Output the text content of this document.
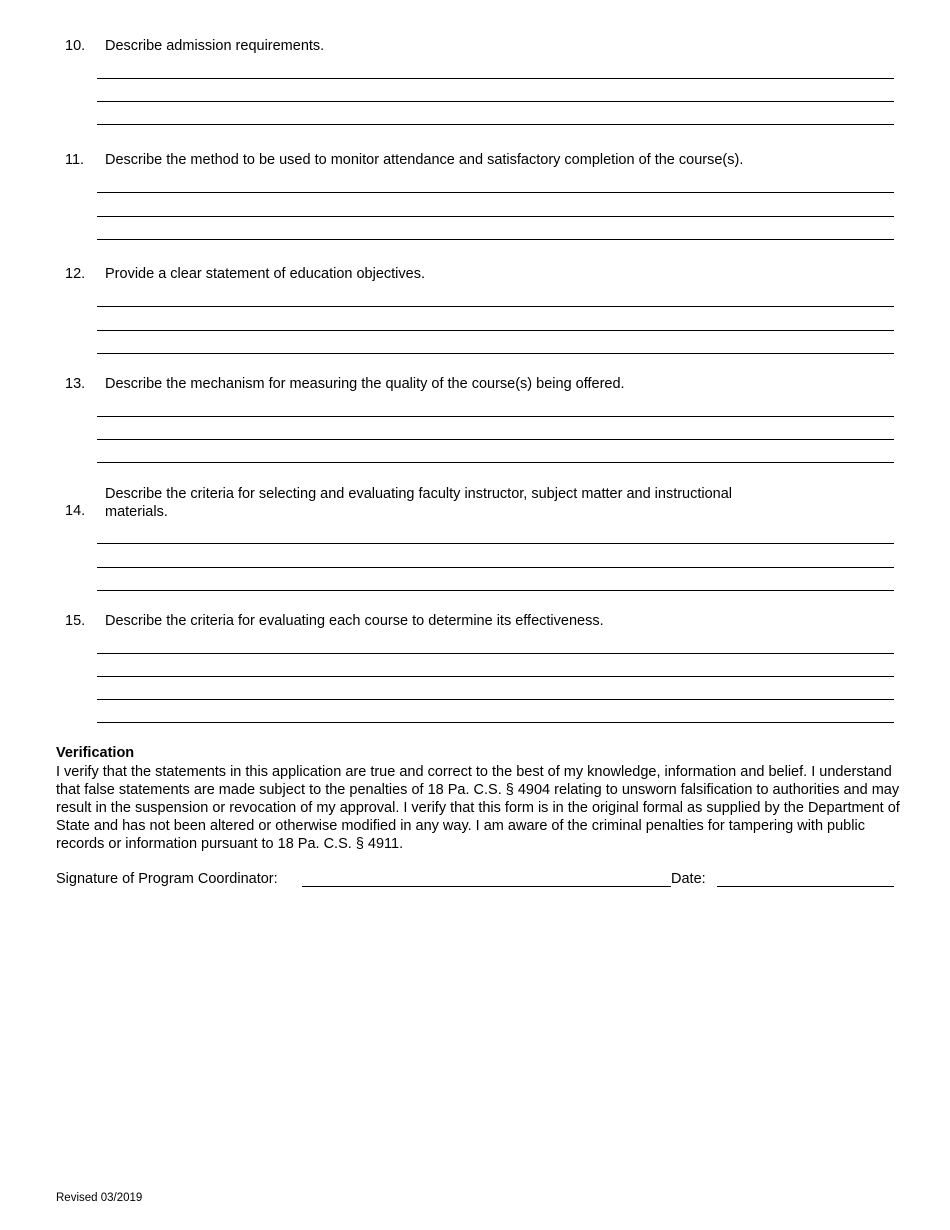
10. Describe admission requirements.
11. Describe the method to be used to monitor attendance and satisfactory completion of the course(s).
12. Provide a clear statement of education objectives.
13. Describe the mechanism for measuring the quality of the course(s) being offered.
14.
Describe the criteria for selecting and evaluating faculty instructor, subject matter and instructional materials.
15. Describe the criteria for evaluating each course to determine its effectiveness.
Verification
I verify that the statements in this application are true and correct to the best of my knowledge, information and belief. I understand that false statements are made subject to the penalties of 18 Pa. C.S. § 4904 relating to unsworn falsification to authorities and may result in the suspension or revocation of my approval. I verify that this form is in the original formal as supplied by the Department of State and has not been altered or otherwise modified in any way. I am aware of the criminal penalties for tampering with public records or information pursuant to 18 Pa. C.S. § 4911.
Signature of Program Coordinator:	Date:
Revised 03/2019
